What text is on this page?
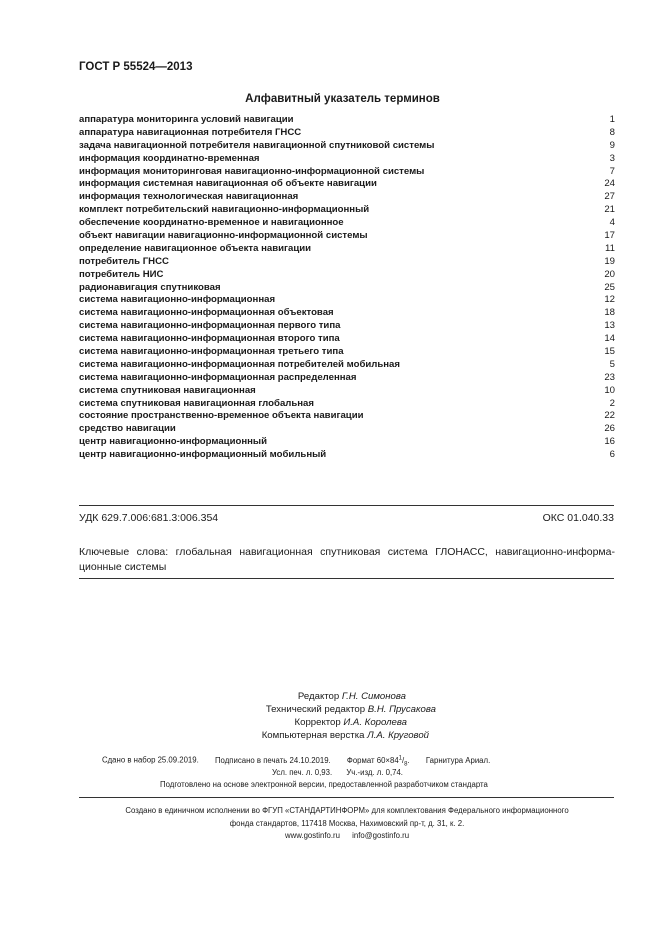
ГОСТ Р 55524—2013
Алфавитный указатель терминов
аппаратура мониторинга условий навигации	1
аппаратура навигационная потребителя ГНСС	8
задача навигационной потребителя навигационной спутниковой системы	9
информация координатно-временная	3
информация мониторинговая навигационно-информационной системы	7
информация системная навигационная об объекте навигации	24
информация технологическая навигационная	27
комплект потребительский навигационно-информационный	21
обеспечение координатно-временное и навигационное	4
объект навигации навигационно-информационной системы	17
определение навигационное объекта навигации	11
потребитель ГНСС	19
потребитель НИС	20
радионавигация спутниковая	25
система навигационно-информационная	12
система навигационно-информационная объектовая	18
система навигационно-информационная первого типа	13
система навигационно-информационная второго типа	14
система навигационно-информационная третьего типа	15
система навигационно-информационная потребителей мобильная	5
система навигационно-информационная распределенная	23
система спутниковая навигационная	10
система спутниковая навигационная глобальная	2
состояние пространственно-временное объекта навигации	22
средство навигации	26
центр навигационно-информационный	16
центр навигационно-информационный мобильный	6
УДК 629.7.006:681.3:006.354	ОКС 01.040.33
Ключевые слова: глобальная навигационная спутниковая система ГЛОНАСС, навигационно-информа-ционные системы
Редактор Г.Н. Симонова
Технический редактор В.Н. Прусакова
Корректор И.А. Королева
Компьютерная верстка Л.А. Круговой
Сдано в набор 25.09.2019. Подписано в печать 24.10.2019. Формат $60\times 84^1/_8$. Гарнитура Ариал.
Усл. печ. л. 0,93. Уч.-изд. л. 0,74.
Подготовлено на основе электронной версии, предоставленной разработчиком стандарта
Создано в единичном исполнении во ФГУП «СТАНДАРТИНФОРМ» для комплектования Федерального информационного
фонда стандартов, 117418 Москва, Нахимовский пр-т, д. 31, к. 2.
www.gostinfo.ru info@gostinfo.ru
